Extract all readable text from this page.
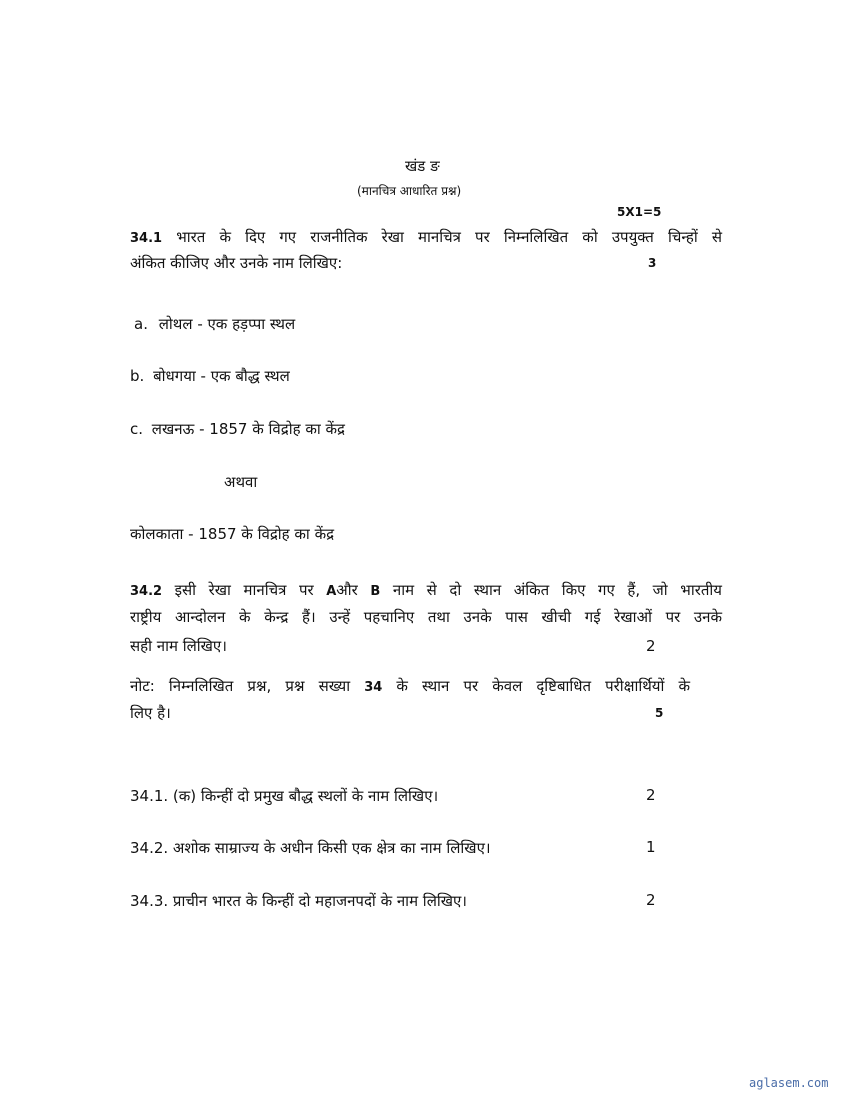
खंड ङ
(मानचित्र आधारित प्रश्न)
5X1=5
34.1 भारत के दिए गए राजनीतिक रेखा मानचित्र पर निम्नलिखित को उपयुक्त चिन्हों से
अंकित कीजिए और उनके नाम लिखिए:	3
a. लोथल - एक हड़प्पा स्थल
b. बोधगया - एक बौद्ध स्थल
c. लखनऊ - 1857 के विद्रोह का केंद्र
अथवा
कोलकाता - 1857 के विद्रोह का केंद्र
34.2 इसी रेखा मानचित्र पर Aऔर B नाम से दो स्थान अंकित किए गए हैं, जो भारतीय
राष्ट्रीय आन्दोलन के केन्द्र हैं। उन्हें पहचानिए तथा उनके पास खीची गई रेखाओं पर उनके
सही नाम लिखिए।	2
नोट: निम्नलिखित प्रश्न, प्रश्न सख्या 34 के स्थान पर केवल दृष्टिबाधित परीक्षार्थियों के
लिए है।	5
34.1. (क) किन्हीं दो प्रमुख बौद्ध स्थलों के नाम लिखिए।	2
34.2. अशोक साम्राज्य के अधीन किसी एक क्षेत्र का नाम लिखिए।	1
34.3. प्राचीन भारत के किन्हीं दो महाजनपदों के नाम लिखिए।	2
aglasem.com
